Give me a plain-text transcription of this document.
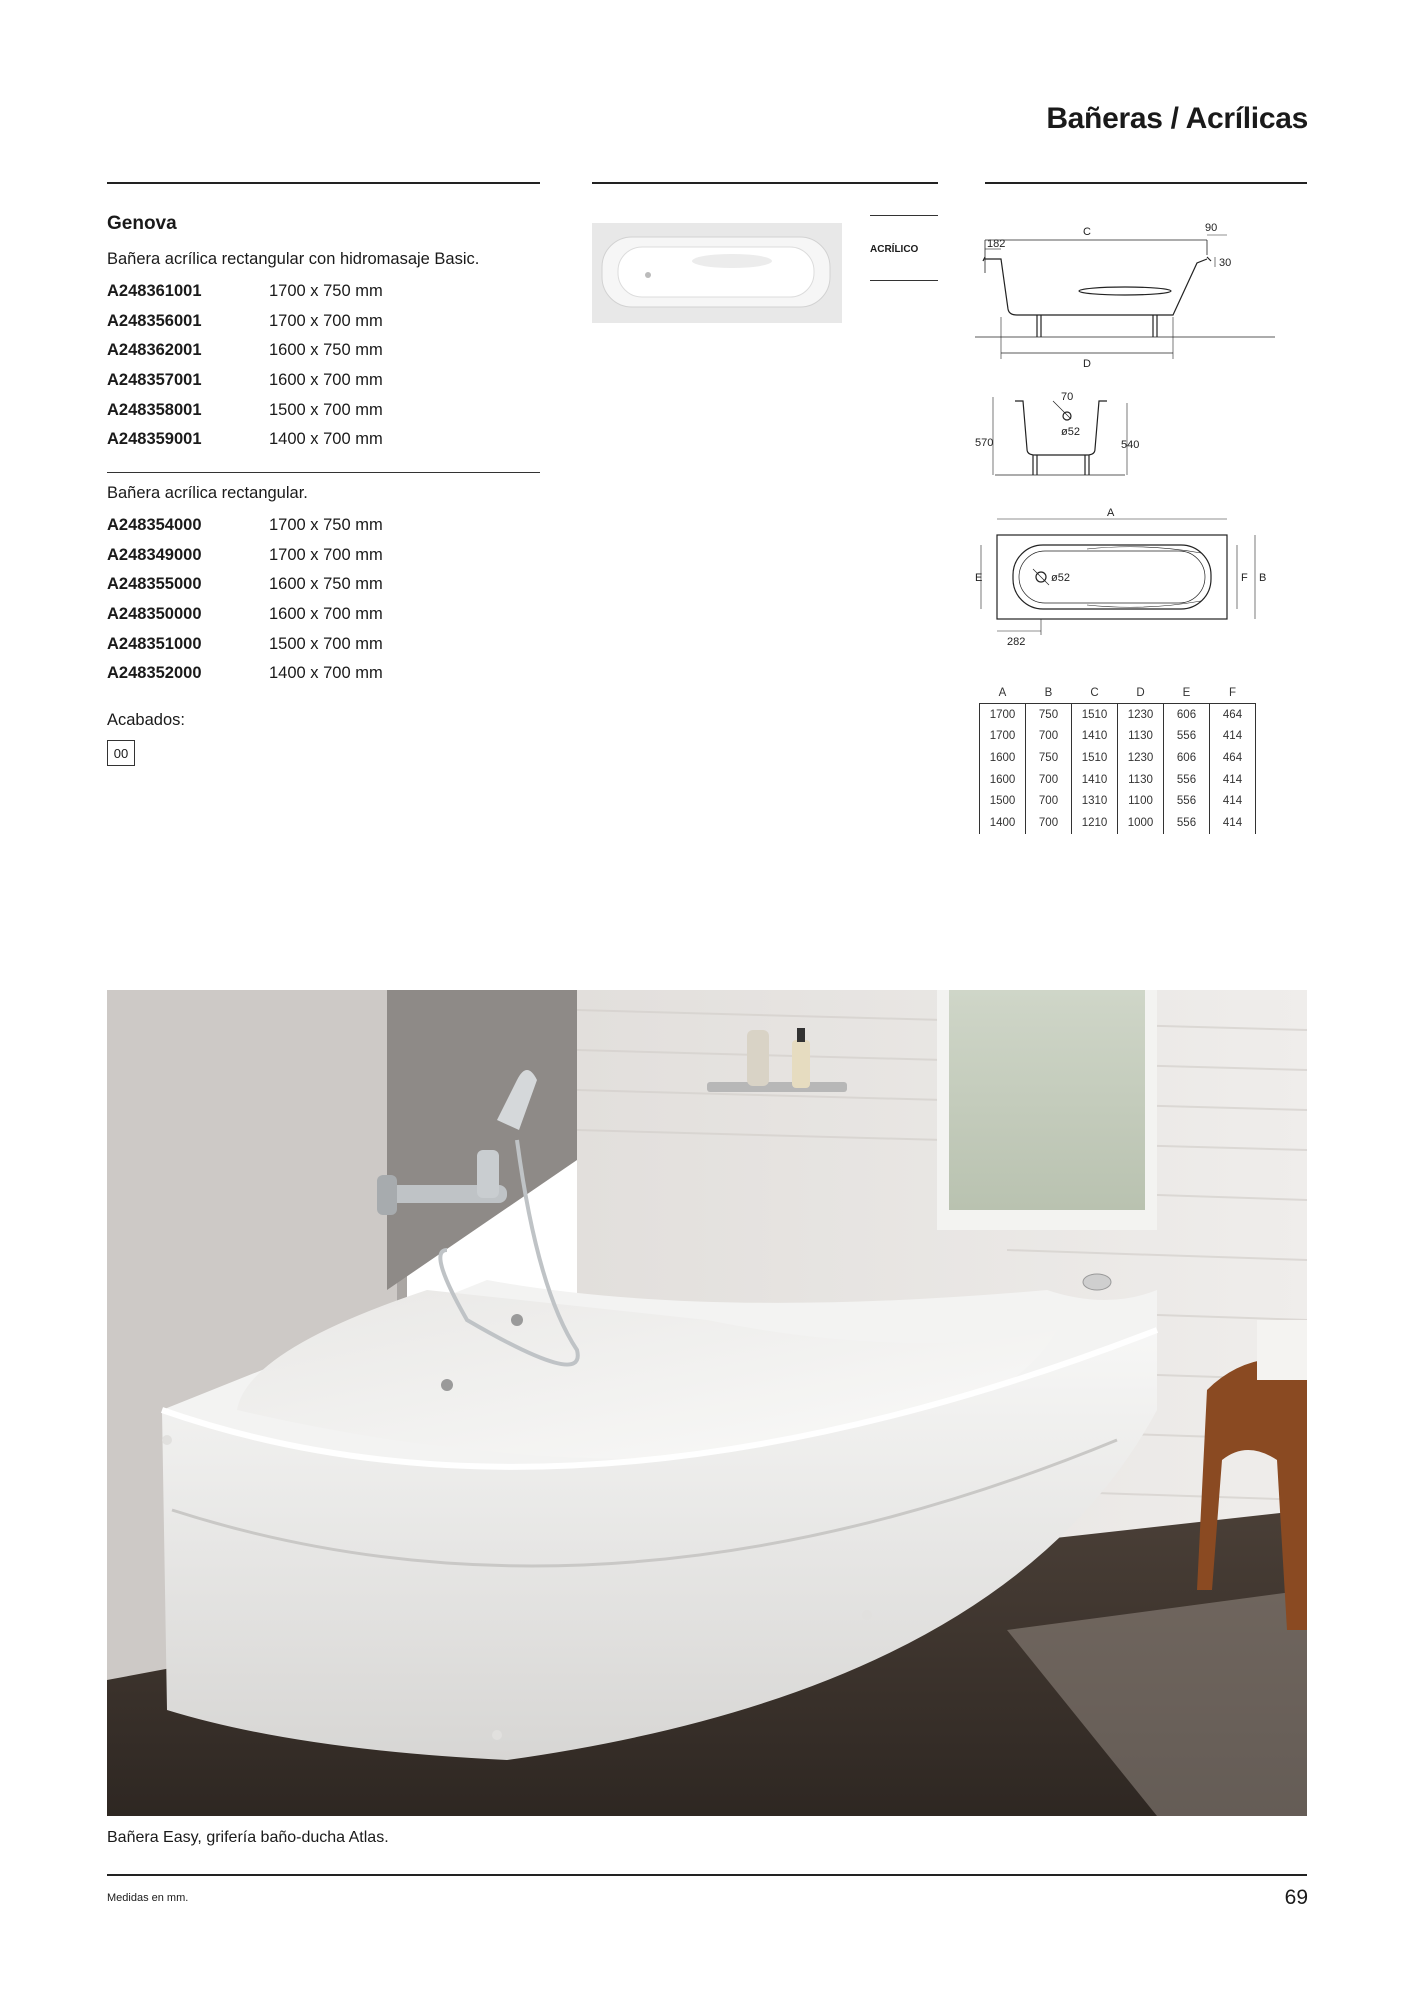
Bañeras / Acrílicas
Genova
Bañera acrílica rectangular con hidromasaje Basic.
A248361001	1700 x 750 mm
A248356001	1700 x 700 mm
A248362001	1600 x 750 mm
A248357001	1600 x 700 mm
A248358001	1500 x 700 mm
A248359001	1400 x 700 mm
Bañera acrílica rectangular.
A248354000	1700 x 750 mm
A248349000	1700 x 700 mm
A248355000	1600 x 750 mm
A248350000	1600 x 700 mm
A248351000	1500 x 700 mm
A248352000	1400 x 700 mm
Acabados:
00
ACRÍLICO
C
182
90
30
D
70
ø52
570	540
A
E	F B
ø52
282
A	B	C	D	E	F
1700	750	1510	1230	606	464
1700	700	1410	1130	556	414
1600	750	1510	1230	606	464
1600	700	1410	1130	556	414
1500	700	1310	1100	556	414
1400	700	1210	1000	556	414
Bañera Easy, grifería baño-ducha Atlas.
Medidas en mm.	69
